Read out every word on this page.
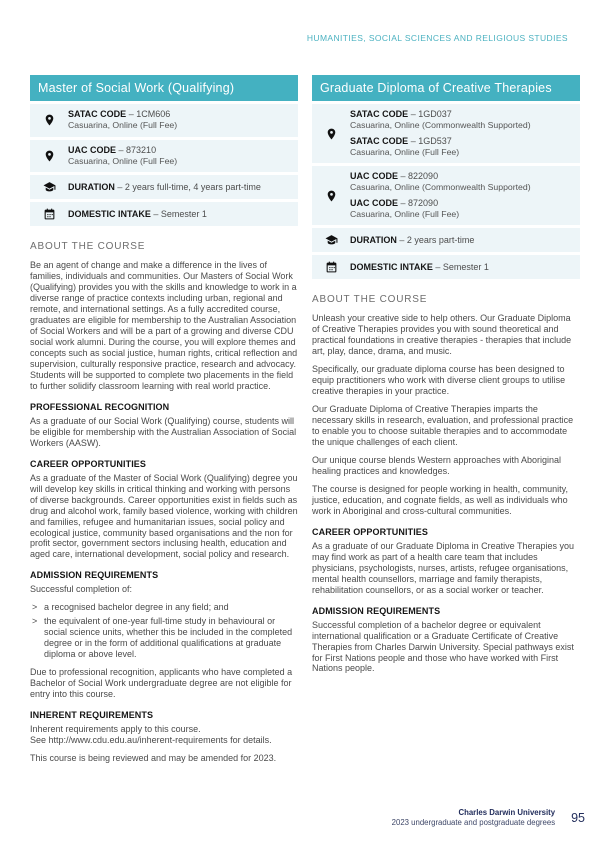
HUMANITIES, SOCIAL SCIENCES AND RELIGIOUS STUDIES
Master of Social Work (Qualifying)
SATAC CODE – 1CM606
Casuarina, Online (Full Fee)
UAC CODE – 873210
Casuarina, Online (Full Fee)
DURATION – 2 years full-time, 4 years part-time
DOMESTIC INTAKE – Semester 1
ABOUT THE COURSE

Be an agent of change and make a difference in the lives of families, individuals and communities. Our Masters of Social Work (Qualifying) provides you with the skills and knowledge to work in a diverse range of practice contexts including urban, regional and remote, and international settings. As a fully accredited course, graduates are eligible for membership to the Australian Association of Social Workers and will be a part of a growing and diverse CDU social work alumni. During the course, you will explore themes and concepts such as social justice, human rights, critical reflection and supervision, culturally responsive practice, research and advocacy. Students will be supported to complete two placements in the field to further solidify classroom learning with real world practice.

PROFESSIONAL RECOGNITION

As a graduate of our Social Work (Qualifying) course, students will be eligible for membership with the Australian Association of Social Workers (AASW).

CAREER OPPORTUNITIES

As a graduate of the Master of Social Work (Qualifying) degree you will develop key skills in critical thinking and working with persons of diverse backgrounds. Career opportunities exist in fields such as drug and alcohol work, family based violence, working with children and families, refugee and humanitarian issues, social policy and ecological justice, community based organisations and the non for profit sector, government sectors inclusing health, education and aged care, international development, social policy and research.

ADMISSION REQUIREMENTS

Successful completion of:

> a recognised bachelor degree in any field; and
> the equivalent of one-year full-time study in behavioural or social science units, whether this be included in the completed degree or in the form of additional qualifications at graduate diploma or above level.

Due to professional recognition, applicants who have completed a Bachelor of Social Work undergraduate degree are not eligible for entry into this course.

INHERENT REQUIREMENTS

Inherent requirements apply to this course.

See http://www.cdu.edu.au/inherent-requirements for details.

This course is being reviewed and may be amended for 2023.

Graduate Diploma of Creative Therapies
SATAC CODE – 1GD037
Casuarina, Online (Commonwealth Supported)
SATAC CODE – 1GD537
Casuarina, Online (Full Fee)
UAC CODE – 822090
Casuarina, Online (Commonwealth Supported)
UAC CODE – 872090
Casuarina, Online (Full Fee)
DURATION – 2 years part-time
DOMESTIC INTAKE – Semester 1
ABOUT THE COURSE

Unleash your creative side to help others. Our Graduate Diploma of Creative Therapies provides you with sound theoretical and practical foundations in creative therapies - therapies that include art, play, dance, drama, and music.

Specifically, our graduate diploma course has been designed to equip practitioners who work with diverse client groups to utilise creative therapies in your practice.

Our Graduate Diploma of Creative Therapies imparts the necessary skills in research, evaluation, and professional practice to enable you to choose suitable therapies and to accommodate the unique challenges of each client.

Our unique course blends Western approaches with Aboriginal healing practices and knowledges.

The course is designed for people working in health, community, justice, education, and cognate fields, as well as individuals who work in Aboriginal and cross-cultural communities.

CAREER OPPORTUNITIES

As a graduate of our Graduate Diploma in Creative Therapies you may find work as part of a health care team that includes physicians, psychologists, nurses, artists, refugee organisations, mental health counsellors, marriage and family therapists, rehabilitation counsellors, or as a social worker or teacher.

ADMISSION REQUIREMENTS

Successful completion of a bachelor degree or equivalent international qualification or a Graduate Certificate of Creative Therapies from Charles Darwin University. Special pathways exist for First Nations people and those who have worked with First Nations people.

Charles Darwin University
2023 undergraduate and postgraduate degrees 95
